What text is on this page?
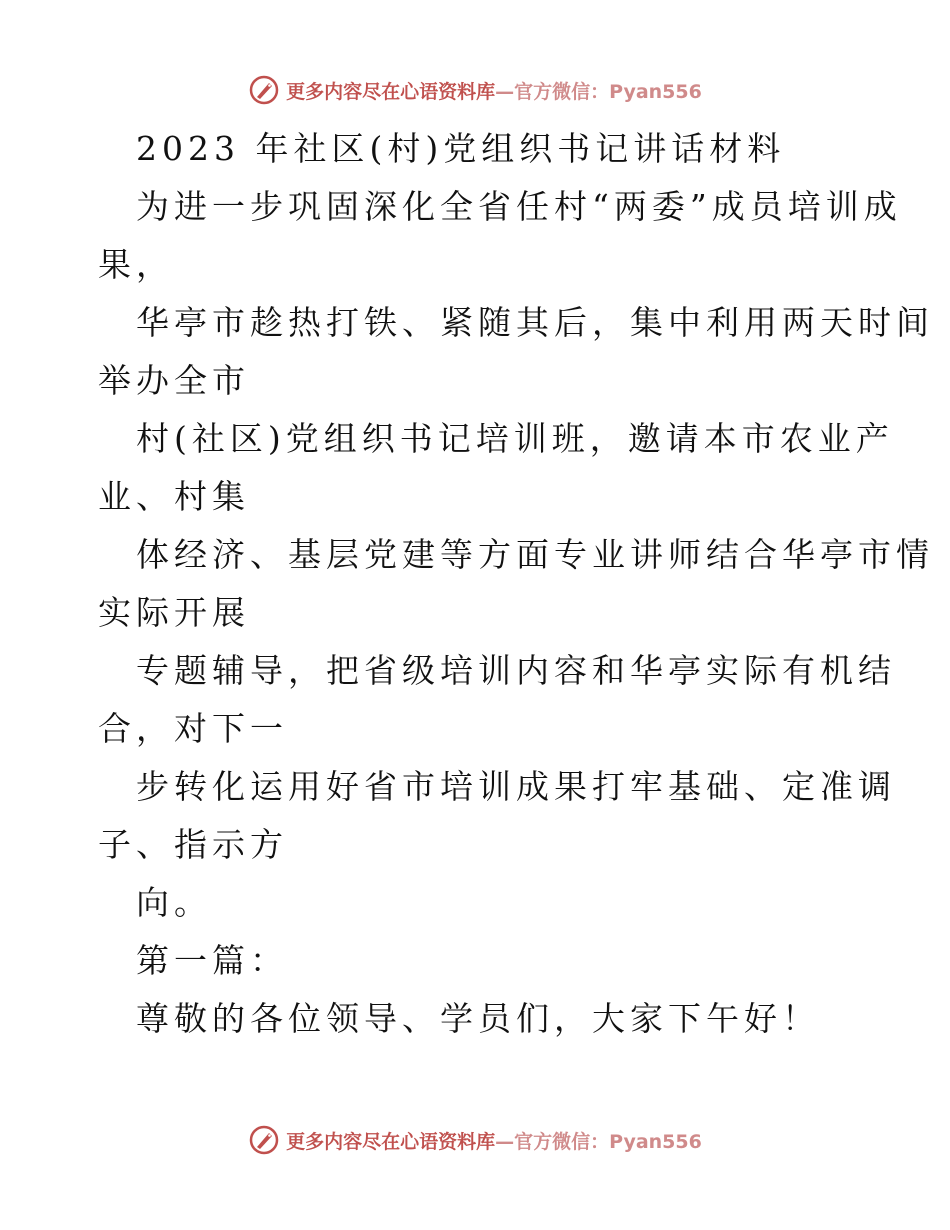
更多内容尽在心语资料库—官方微信：Pyan556
2023 年社区(村)党组织书记讲话材料
为进一步巩固深化全省任村“两委”成员培训成
果，
华亭市趁热打铁、紧随其后，集中利用两天时间
举办全市
村(社区)党组织书记培训班，邀请本市农业产
业、村集
体经济、基层党建等方面专业讲师结合华亭市情
实际开展
专题辅导，把省级培训内容和华亭实际有机结
合，对下一
步转化运用好省市培训成果打牢基础、定准调
子、指示方
向。
第一篇：
尊敬的各位领导、学员们，大家下午好！
更多内容尽在心语资料库—官方微信：Pyan556
